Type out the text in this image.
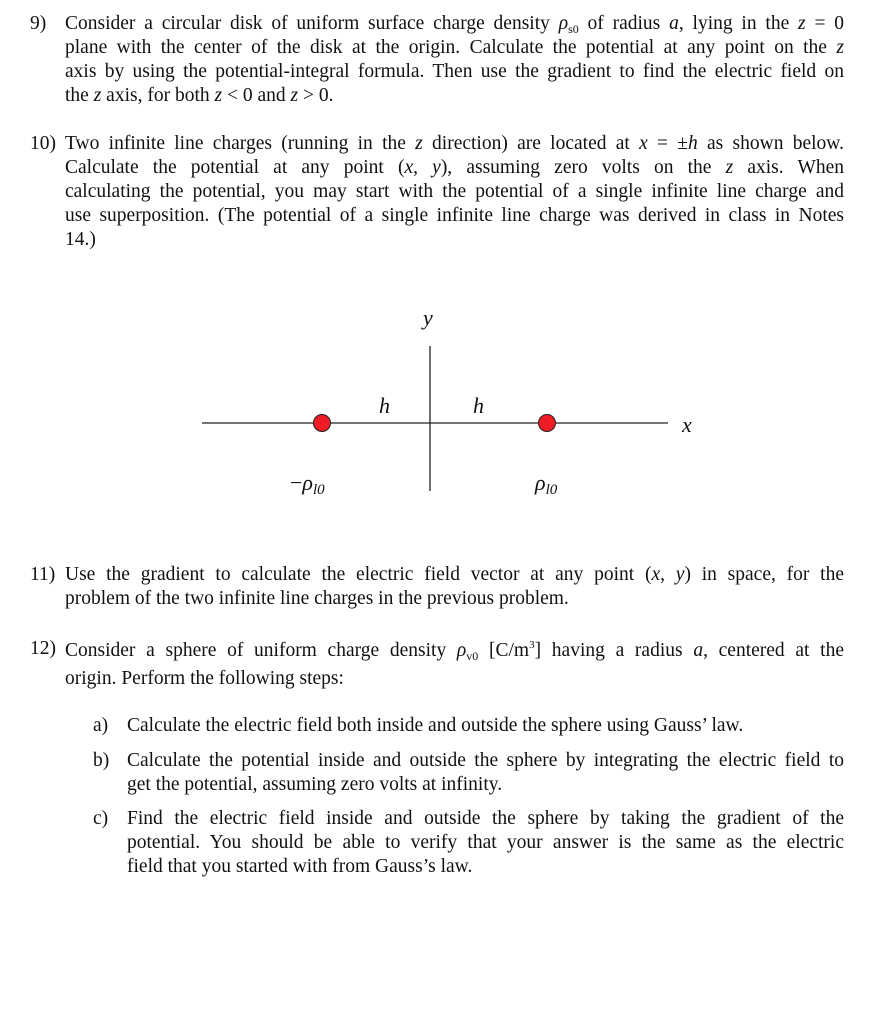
9) Consider a circular disk of uniform surface charge density $\rho_{s0}$ of radius a, lying in the z = 0
plane with the center of the disk at the origin. Calculate the potential at any point on the z
axis by using the potential-integral formula. Then use the gradient to find the electric field on
the z axis, for both z < 0 and z > 0.
10) Two infinite line charges (running in the z direction) are located at x = ±h as shown below.
Calculate the potential at any point (x, y), assuming zero volts on the z axis. When
calculating the potential, you may start with the potential of a single infinite line charge and
use superposition. (The potential of a single infinite line charge was derived in class in Notes
14.)
y
x
h	h
−ρl0	ρl0
11) Use the gradient to calculate the electric field vector at any point (x, y) in space, for the
problem of the two infinite line charges in the previous problem.
12) Consider a sphere of uniform charge density $\rho_{v0}$ $[C/m^3]$ having a radius a, centered at the
origin. Perform the following steps:
a) Calculate the electric field both inside and outside the sphere using Gauss’ law.
b) Calculate the potential inside and outside the sphere by integrating the electric field to
get the potential, assuming zero volts at infinity.
c) Find the electric field inside and outside the sphere by taking the gradient of the
potential. You should be able to verify that your answer is the same as the electric
field that you started with from Gauss’s law.
